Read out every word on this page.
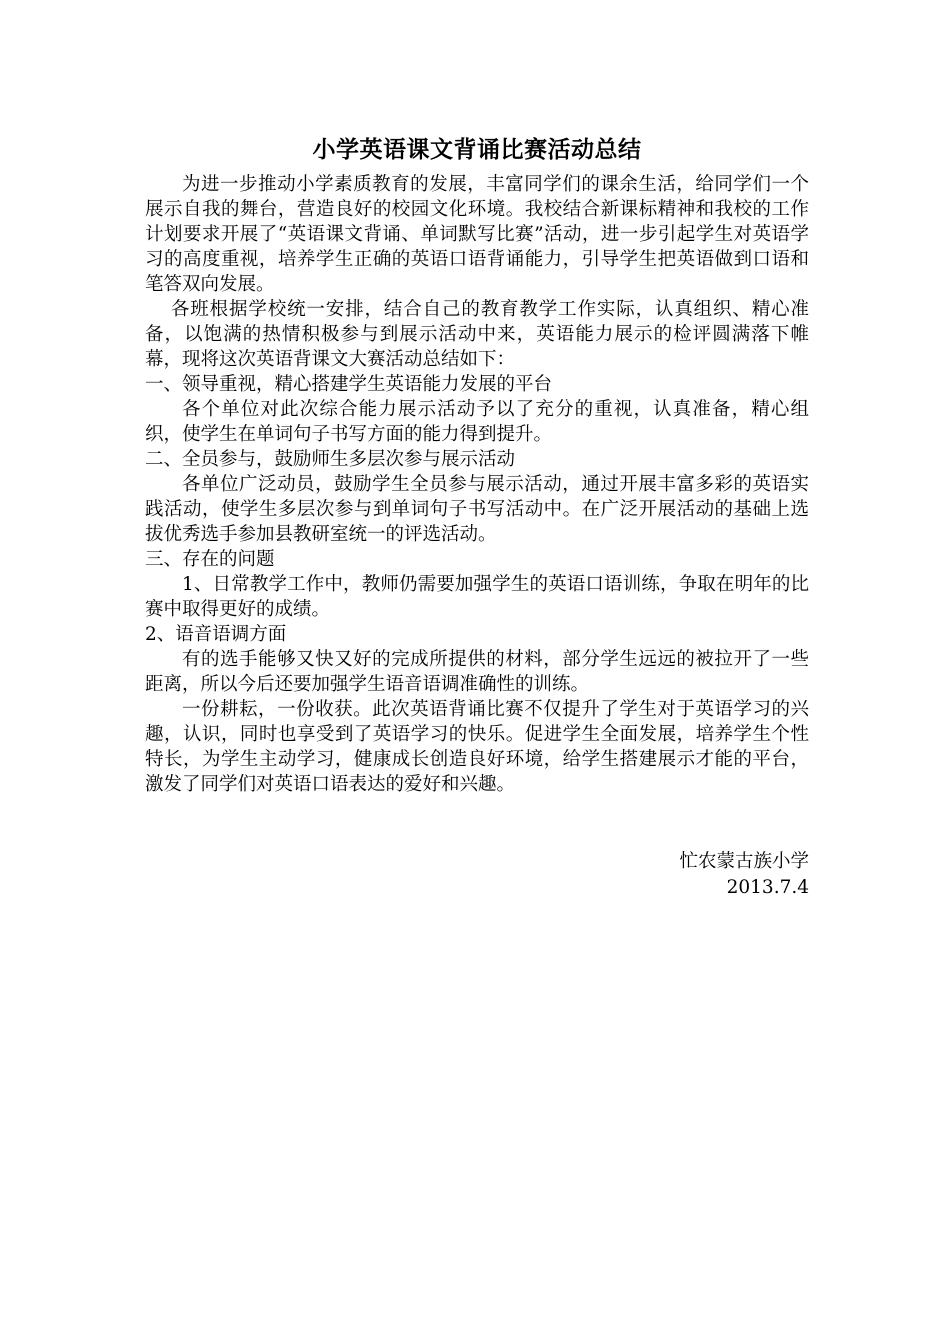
小学英语课文背诵比赛活动总结

为进一步推动小学素质教育的发展，丰富同学们的课余生活，给同学们一个展示自我的舞台，营造良好的校园文化环境。我校结合新课标精神和我校的工作计划要求开展了“英语课文背诵、单词默写比赛”活动，进一步引起学生对英语学习的高度重视，培养学生正确的英语口语背诵能力，引导学生把英语做到口语和笔答双向发展。

各班根据学校统一安排，结合自己的教育教学工作实际，认真组织、精心准备，以饱满的热情积极参与到展示活动中来，英语能力展示的检评圆满落下帷幕，现将这次英语背课文大赛活动总结如下：

一、领导重视，精心搭建学生英语能力发展的平台

各个单位对此次综合能力展示活动予以了充分的重视，认真准备，精心组织，使学生在单词句子书写方面的能力得到提升。

二、全员参与，鼓励师生多层次参与展示活动

各单位广泛动员，鼓励学生全员参与展示活动，通过开展丰富多彩的英语实践活动，使学生多层次参与到单词句子书写活动中。在广泛开展活动的基础上选拔优秀选手参加县教研室统一的评选活动。

三、存在的问题

1、日常教学工作中，教师仍需要加强学生的英语口语训练，争取在明年的比赛中取得更好的成绩。

2、语音语调方面

有的选手能够又快又好的完成所提供的材料，部分学生远远的被拉开了一些距离，所以今后还要加强学生语音语调准确性的训练。

一份耕耘，一份收获。此次英语背诵比赛不仅提升了学生对于英语学习的兴趣，认识，同时也享受到了英语学习的快乐。促进学生全面发展，培养学生个性特长，为学生主动学习，健康成长创造良好环境，给学生搭建展示才能的平台，激发了同学们对英语口语表达的爱好和兴趣。

忙农蒙古族小学
2013.7.4
